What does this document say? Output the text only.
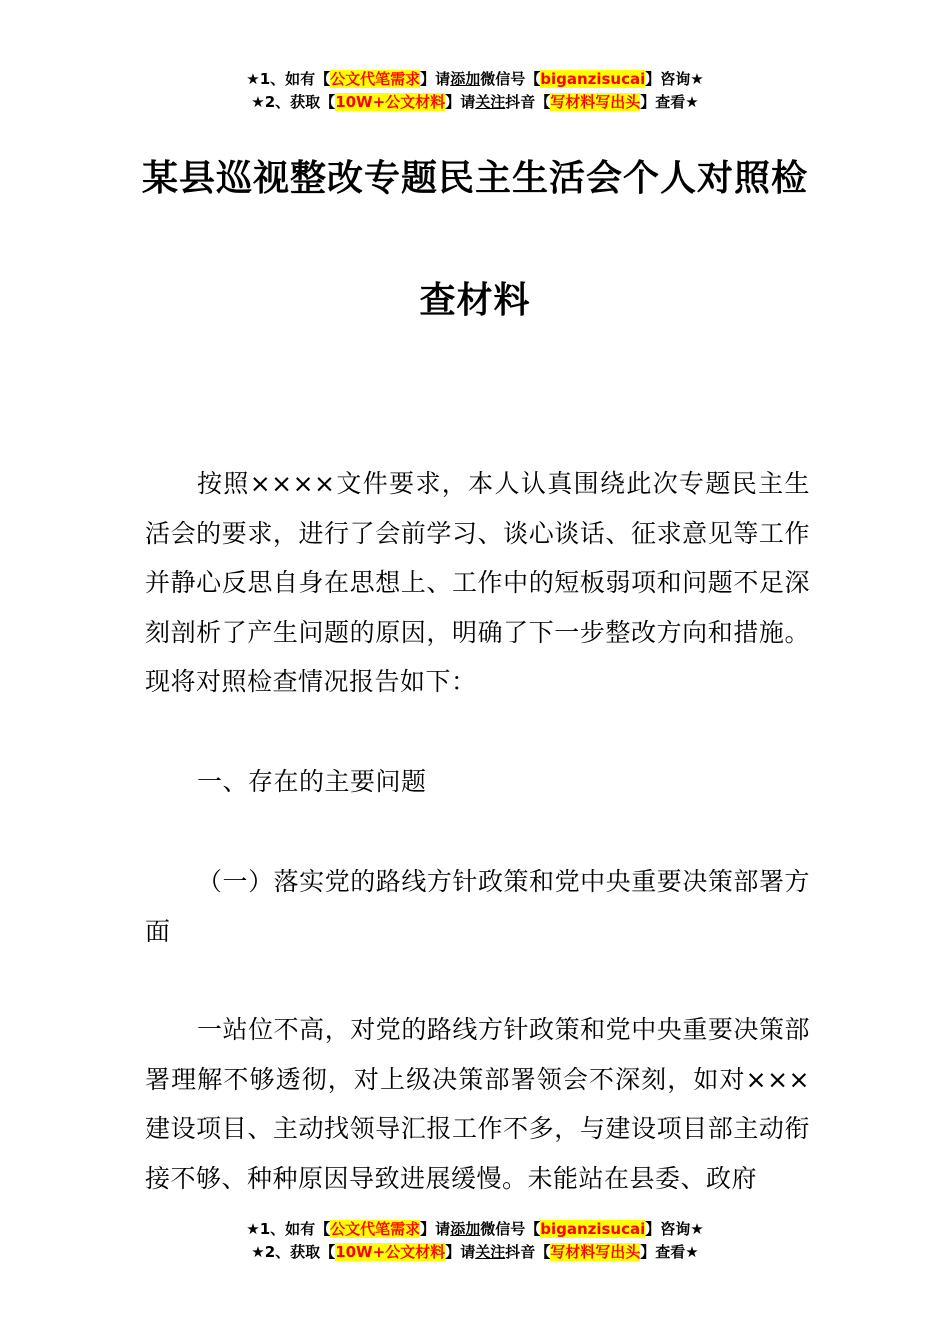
★1、如有【公文代笔需求】请添加微信号【biganzisucai】咨询★
★2、获取【10W+公文材料】请关注抖音【写材料写出头】查看★
某县巡视整改专题民主生活会个人对照检
查材料

按照××××文件要求，本人认真围绕此次专题民主生活会的要求，进行了会前学习、谈心谈话、征求意见等工作并静心反思自身在思想上、工作中的短板弱项和问题不足深刻剖析了产生问题的原因，明确了下一步整改方向和措施。现将对照检查情况报告如下：

一、存在的主要问题

（一）落实党的路线方针政策和党中央重要决策部署方面

一站位不高，对党的路线方针政策和党中央重要决策部署理解不够透彻，对上级决策部署领会不深刻，如对×××建设项目、主动找领导汇报工作不多，与建设项目部主动衔接不够、种种原因导致进展缓慢。未能站在县委、政府

★1、如有【公文代笔需求】请添加微信号【biganzisucai】咨询★
★2、获取【10W+公文材料】请关注抖音【写材料写出头】查看★
